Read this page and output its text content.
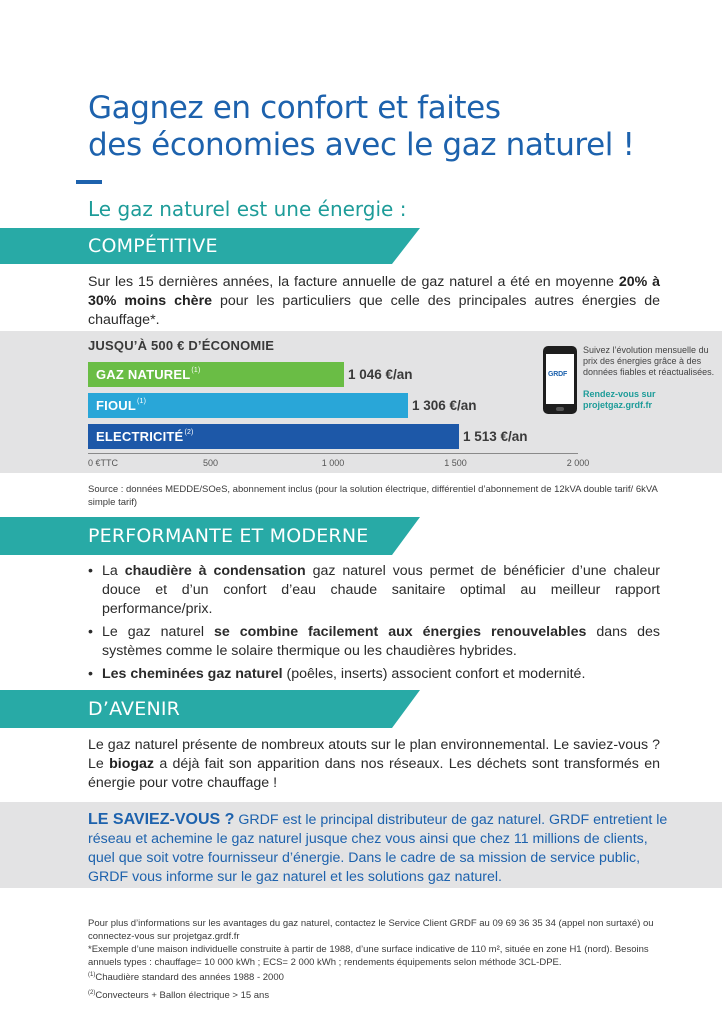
Gagnez en confort et faites
des économies avec le gaz naturel !
Le gaz naturel est une énergie :
COMPÉTITIVE

Sur les 15 dernières années, la facture annuelle de gaz naturel a été en moyenne 20% à 30% moins chère pour les particuliers que celle des principales autres énergies de chauffage*.

JUSQU’À 500 € D’ÉCONOMIE
GAZ NATUREL$^{(1)}$	1 046 €/an
FIOUL$^{(1)}$	1 306 €/an
ELECTRICITÉ$^{(2)}$	1 513 €/an
0 €TTC	500	1 000	1 500	2 000
GRDF
Suivez l’évolution mensuelle du prix des énergies grâce à des données fiables et réactualisées.
Rendez-vous sur projetgaz.grdf.fr
Source : données MEDDE/SOeS, abonnement inclus (pour la solution électrique, différentiel d’abonnement de 12kVA double tarif/ 6kVA simple tarif)
PERFORMANTE ET MODERNE
• La chaudière à condensation gaz naturel vous permet de bénéficier d’une chaleur douce et d’un confort d’eau chaude sanitaire optimal au meilleur rapport performance/prix.
• Le gaz naturel se combine facilement aux énergies renouvelables dans des systèmes comme le solaire thermique ou les chaudières hybrides.
• Les cheminées gaz naturel (poêles, inserts) associent confort et modernité.
D’AVENIR

Le gaz naturel présente de nombreux atouts sur le plan environnemental. Le saviez-vous ? Le biogaz a déjà fait son apparition dans nos réseaux. Les déchets sont transformés en énergie pour votre chauffage !

LE SAVIEZ-VOUS ? GRDF est le principal distributeur de gaz naturel. GRDF entretient le réseau et achemine le gaz naturel jusque chez vous ainsi que chez 11 millions de clients, quel que soit votre fournisseur d’énergie. Dans le cadre de sa mission de service public, GRDF vous informe sur le gaz naturel et les solutions gaz naturel.

Pour plus d’informations sur les avantages du gaz naturel, contactez le Service Client GRDF au 09 69 36 35 34 (appel non surtaxé) ou connectez-vous sur projetgaz.grdf.fr

*Exemple d’une maison individuelle construite à partir de 1988, d’une surface indicative de 110 m², située en zone H1 (nord). Besoins annuels types : chauffage= 10 000 kWh ; ECS= 2 000 kWh ; rendements équipements selon méthode 3CL-DPE.

$^{(1)}$Chaudière standard des années 1988 - 2000

$^{(2)}$Convecteurs + Ballon électrique > 15 ans
